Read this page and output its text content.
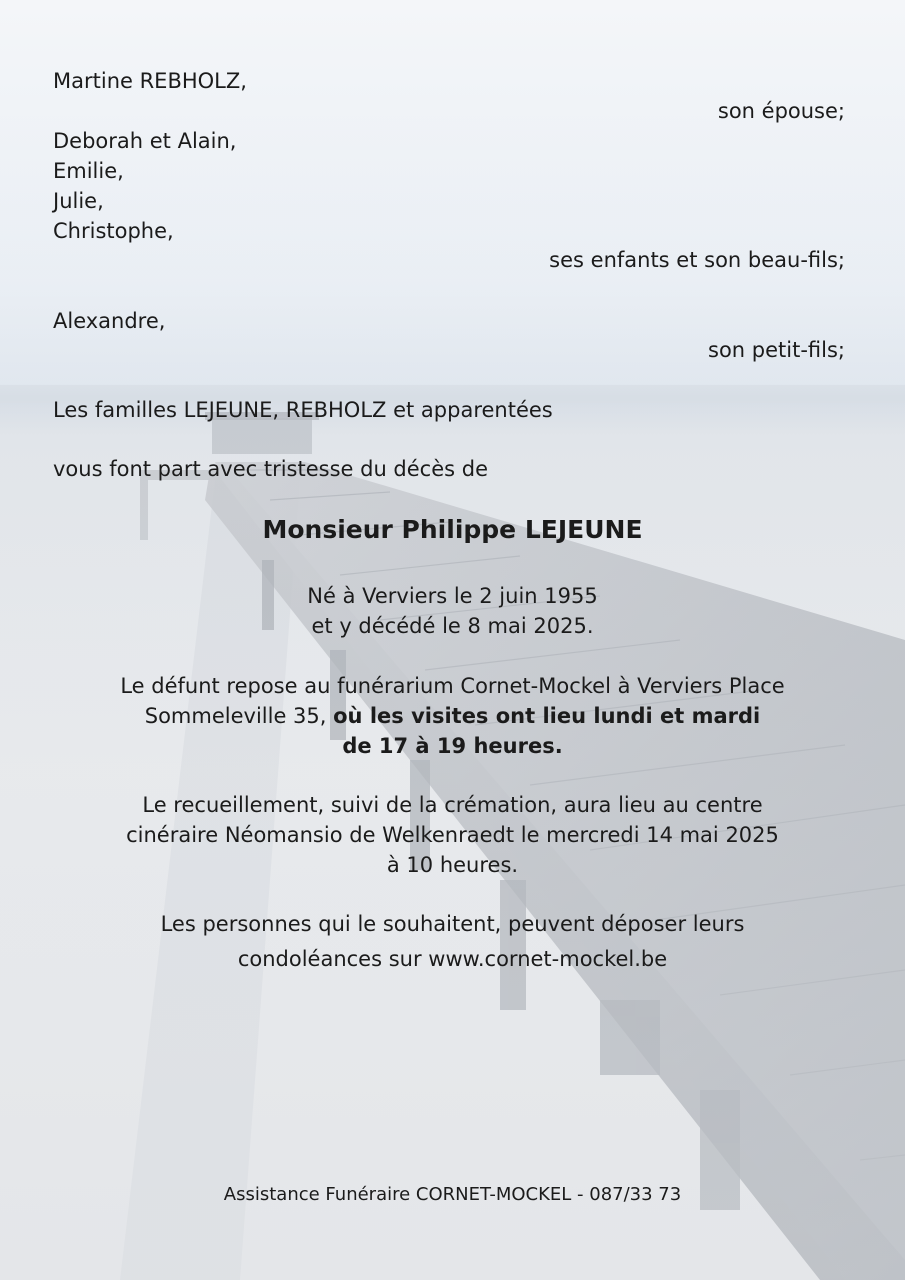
Martine REBHOLZ,

son épouse;

Deborah et Alain,

Emilie,

Julie,

Christophe,

ses enfants et son beau-fils;

Alexandre,

son petit-fils;

Les familles LEJEUNE, REBHOLZ et apparentées

vous font part avec tristesse du décès de

Monsieur Philippe LEJEUNE

Né à Verviers le 2 juin 1955

et y décédé le 8 mai 2025.

Le défunt repose au funérarium Cornet-Mockel à Verviers Place

Sommeleville 35, où les visites ont lieu lundi et mardi

de 17 à 19 heures.

Le recueillement, suivi de la crémation, aura lieu au centre

cinéraire Néomansio de Welkenraedt le mercredi 14 mai 2025

à 10 heures.

Les personnes qui le souhaitent, peuvent déposer leurs

condoléances sur www.cornet-mockel.be

Assistance Funéraire CORNET-MOCKEL - 087/33 73
